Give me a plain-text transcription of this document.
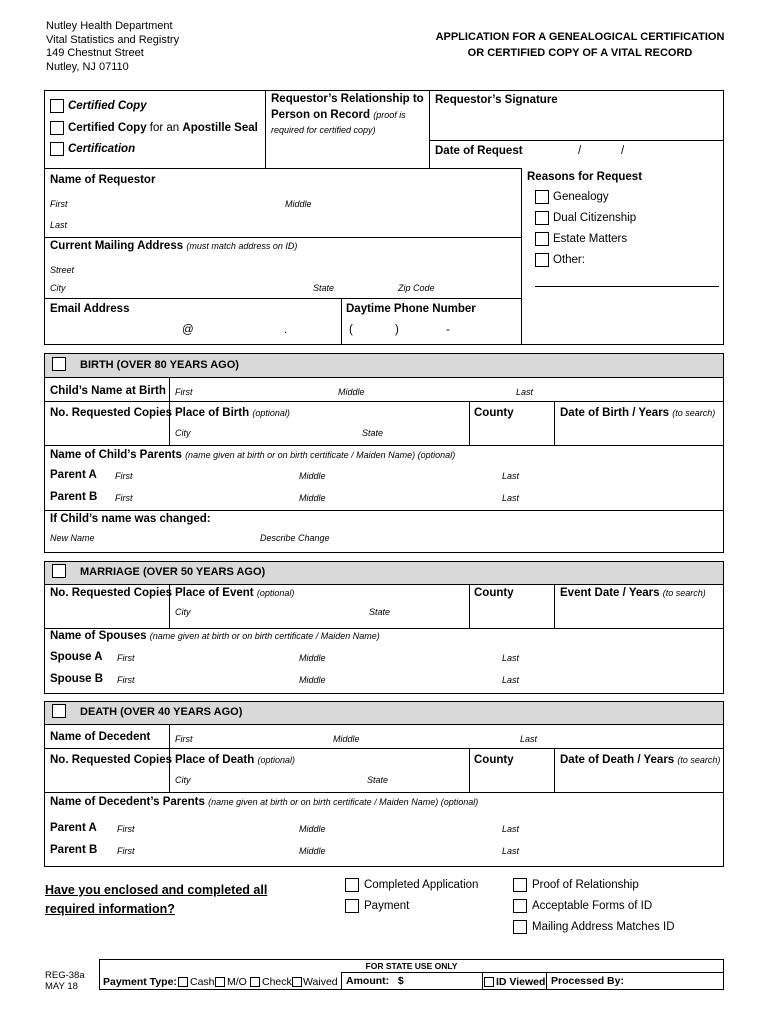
Nutley Health Department
Vital Statistics and Registry
149 Chestnut Street
Nutley, NJ 07110
APPLICATION FOR A GENEALOGICAL CERTIFICATION
OR CERTIFIED COPY OF A VITAL RECORD
Certified Copy
Certified Copy for an Apostille Seal
Certification
Requestor’s Relationship to
Person on Record (proof is
required for certified copy)
Requestor’s Signature
Date of Request	/	/
Name of Requestor
First	Middle
Last
Current Mailing Address (must match address on ID)
Street
City	State	Zip Code
Email Address
@	.
Daytime Phone Number
(	)	-
Reasons for Request
Genealogy
Dual Citizenship
Estate Matters
Other:
BIRTH (OVER 80 YEARS AGO)
Child’s Name at Birth First	Middle	Last
No. Requested Copies Place of Birth (optional)	County	Date of Birth / Years (to search)
City	State
Name of Child’s Parents (name given at birth or on birth certificate / Maiden Name) (optional)
Parent A First	Middle	Last
Parent B First	Middle	Last
If Child’s name was changed:
New Name	Describe Change
MARRIAGE (OVER 50 YEARS AGO)
No. Requested Copies Place of Event (optional)	County	Event Date / Years (to search)
City	State
Name of Spouses (name given at birth or on birth certificate / Maiden Name)
Spouse A First	Middle	Last
Spouse B First	Middle	Last
DEATH (OVER 40 YEARS AGO)
Name of Decedent	First	Middle	Last
No. Requested Copies Place of Death (optional)	County	Date of Death / Years (to search)
City	State
Name of Decedent’s Parents (name given at birth or on birth certificate / Maiden Name) (optional)
Parent A First	Middle	Last
Parent B First	Middle	Last
Have you enclosed and completed all
required information?
Completed Application
Payment
Proof of Relationship
Acceptable Forms of ID
Mailing Address Matches ID
REG-38a
MAY 18
FOR STATE USE ONLY
Payment Type: Cash M/O Check Waived Amount:   $	ID Viewed Processed By:
